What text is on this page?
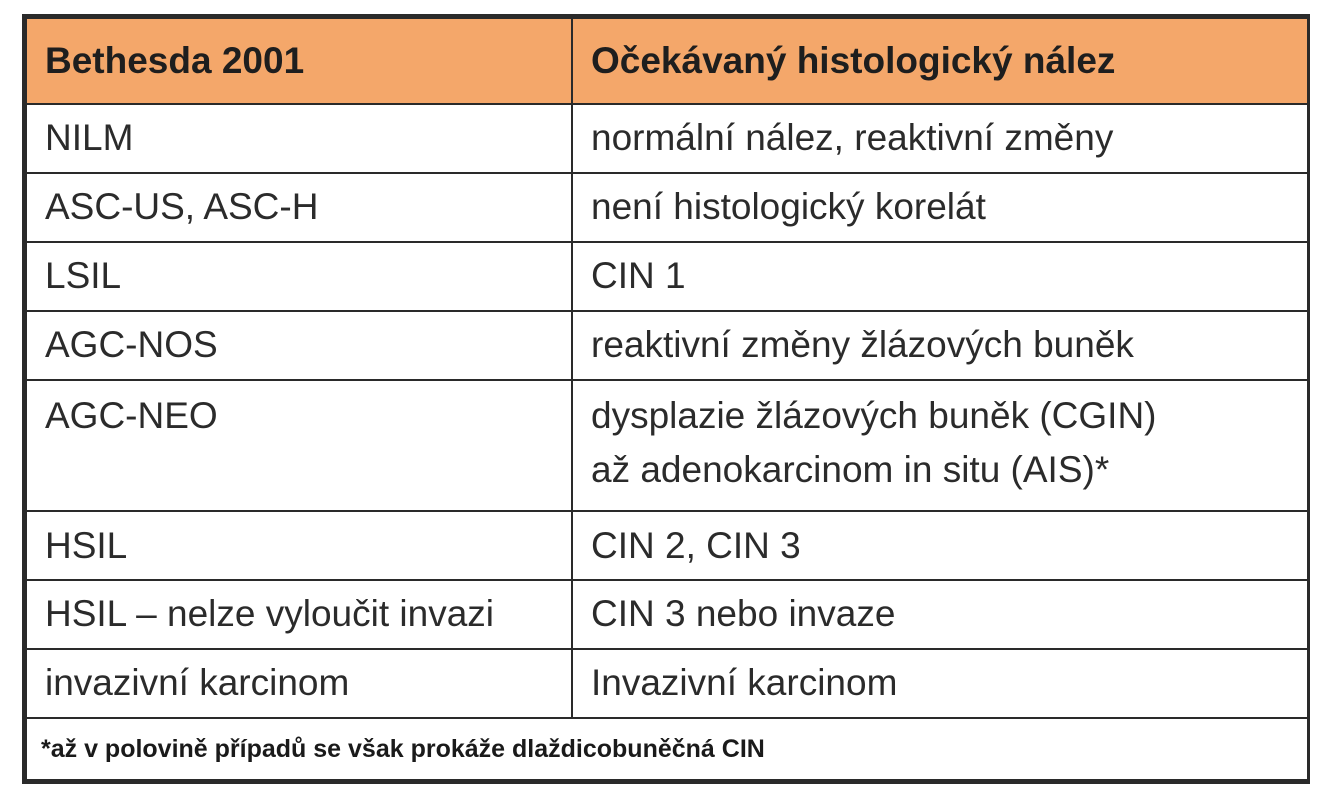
Bethesda 2001	Očekávaný histologický nález
NILM	normální nález, reaktivní změny
ASC-US, ASC-H	není histologický korelát
LSIL	CIN 1
AGC-NOS	reaktivní změny žlázových buněk
AGC-NEO	dysplazie žlázových buněk (CGIN)
až adenokarcinom in situ (AIS)*

HSIL	CIN 2, CIN 3
HSIL – nelze vyloučit invazi	CIN 3 nebo invaze
invazivní karcinom	Invazivní karcinom
*až v polovině případů se však prokáže dlaždicobuněčná CIN	
